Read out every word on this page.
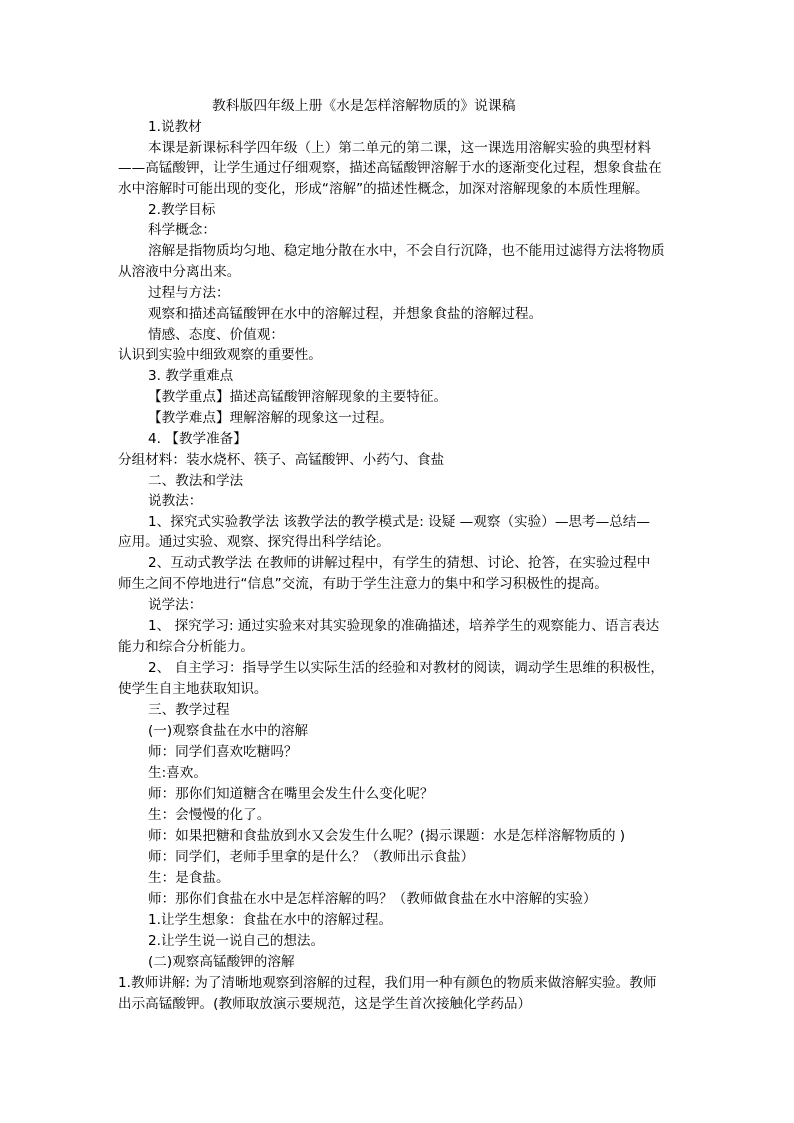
教科版四年级上册《水是怎样溶解物质的》说课稿
1.说教材
本课是新课标科学四年级（上）第二单元的第二课，这一课选用溶解实验的典型材料
——高锰酸钾，让学生通过仔细观察，描述高锰酸钾溶解于水的逐渐变化过程，想象食盐在
水中溶解时可能出现的变化，形成“溶解”的描述性概念，加深对溶解现象的本质性理解。
2.教学目标
科学概念：
溶解是指物质均匀地、稳定地分散在水中，不会自行沉降，也不能用过滤得方法将物质
从溶液中分离出来。
过程与方法：
观察和描述高锰酸钾在水中的溶解过程，并想象食盐的溶解过程。
情感、态度、价值观：
认识到实验中细致观察的重要性。
3. 教学重难点
【教学重点】描述高锰酸钾溶解现象的主要特征。
【教学难点】理解溶解的现象这一过程。
4. 【教学准备】
分组材料：装水烧杯、筷子、高锰酸钾、小药勺、食盐
二、教法和学法
说教法：
1、探究式实验教学法 该教学法的教学模式是: 设疑 —观察（实验）—思考—总结—
应用。通过实验、观察、探究得出科学结论。
2、互动式教学法 在教师的讲解过程中，有学生的猜想、讨论、抢答，在实验过程中
师生之间不停地进行“信息”交流，有助于学生注意力的集中和学习积极性的提高。
说学法：
1、 探究学习: 通过实验来对其实验现象的准确描述，培养学生的观察能力、语言表达
能力和综合分析能力。
2、 自主学习：指导学生以实际生活的经验和对教材的阅读，调动学生思维的积极性，
使学生自主地获取知识。
三、教学过程
(一)观察食盐在水中的溶解
师：同学们喜欢吃糖吗？
生:喜欢。
师：那你们知道糖含在嘴里会发生什么变化呢？
生：会慢慢的化了。
师：如果把糖和食盐放到水又会发生什么呢？(揭示课题：水是怎样溶解物质的 )
师：同学们，老师手里拿的是什么？（教师出示食盐）
生：是食盐。
师：那你们食盐在水中是怎样溶解的吗？（教师做食盐在水中溶解的实验）
1.让学生想象：食盐在水中的溶解过程。
2.让学生说一说自己的想法。
(二)观察高锰酸钾的溶解
1.教师讲解: 为了清晰地观察到溶解的过程，我们用一种有颜色的物质来做溶解实验。教师
出示高锰酸钾。(教师取放演示要规范，这是学生首次接触化学药品）
